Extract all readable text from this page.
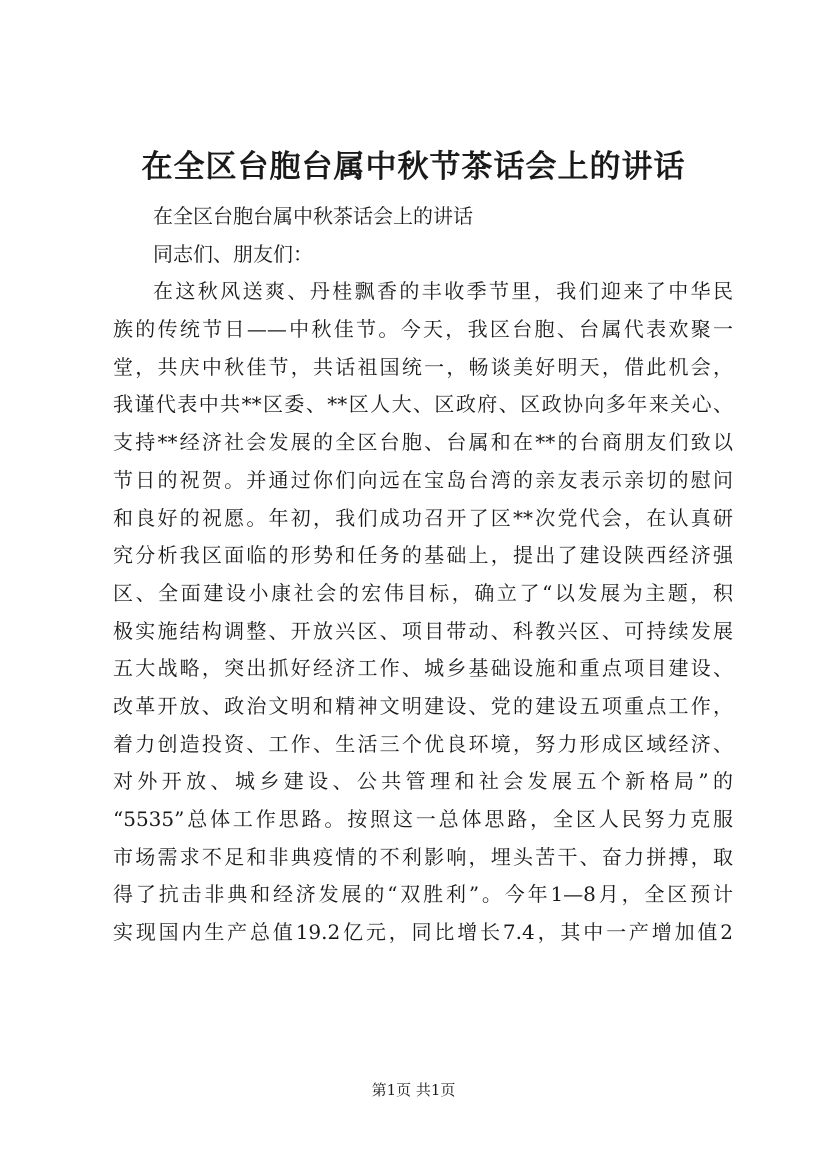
在全区台胞台属中秋节茶话会上的讲话
在全区台胞台属中秋茶话会上的讲话
同志们、朋友们：
在这秋风送爽、丹桂飘香的丰收季节里，我们迎来了中华民
族的传统节日——中秋佳节。今天，我区台胞、台属代表欢聚一
堂，共庆中秋佳节，共话祖国统一，畅谈美好明天，借此机会，
我谨代表中共**区委、**区人大、区政府、区政协向多年来关心、
支持**经济社会发展的全区台胞、台属和在**的台商朋友们致以
节日的祝贺。并通过你们向远在宝岛台湾的亲友表示亲切的慰问
和良好的祝愿。年初，我们成功召开了区**次党代会，在认真研
究分析我区面临的形势和任务的基础上，提出了建设陕西经济强
区、全面建设小康社会的宏伟目标，确立了“以发展为主题，积
极实施结构调整、开放兴区、项目带动、科教兴区、可持续发展
五大战略，突出抓好经济工作、城乡基础设施和重点项目建设、
改革开放、政治文明和精神文明建设、党的建设五项重点工作，
着力创造投资、工作、生活三个优良环境，努力形成区域经济、
对外开放、城乡建设、公共管理和社会发展五个新格局”的
“5535”总体工作思路。按照这一总体思路，全区人民努力克服
市场需求不足和非典疫情的不利影响，埋头苦干、奋力拼搏，取
得了抗击非典和经济发展的“双胜利”。今年1—8月，全区预计
实现国内生产总值19.2亿元，同比增长7.4，其中一产增加值2
第1页 共1页
